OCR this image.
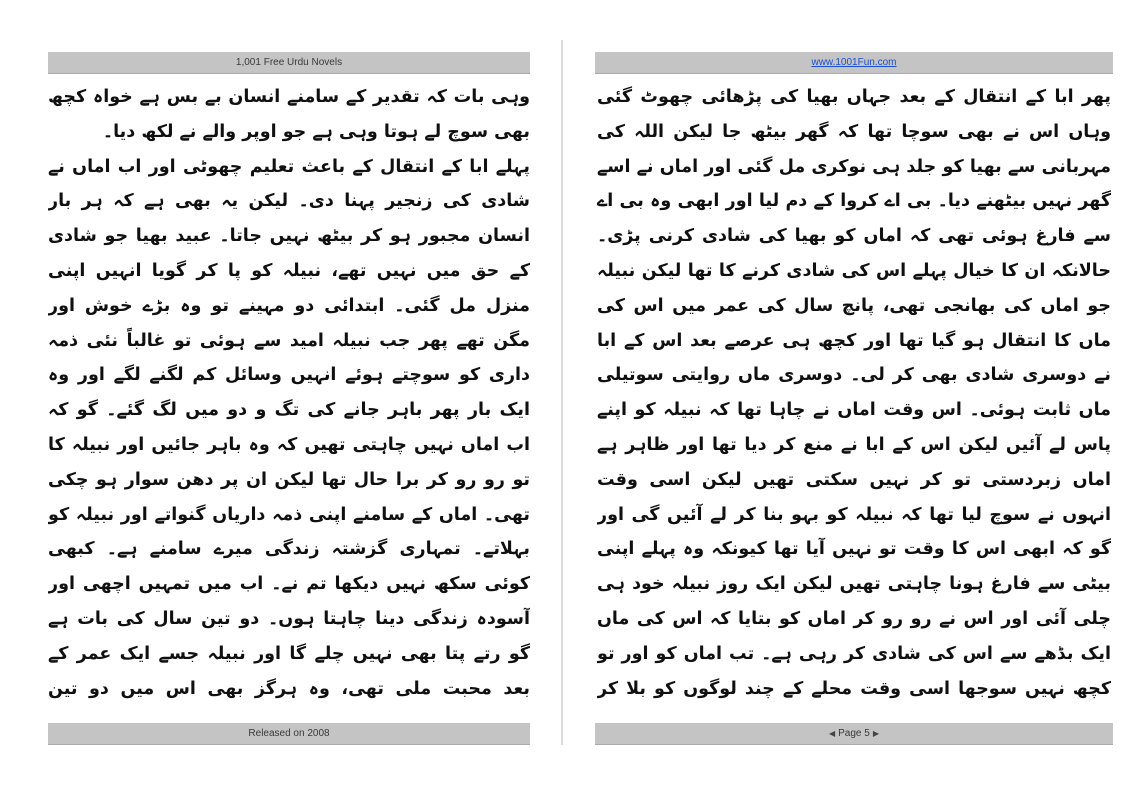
1,001 Free Urdu Novels

وہی بات کہ تقدیر کے سامنے انسان بے بس ہے خواہ کچھ بھی سوچ لے ہوتا وہی ہے جو اوپر والے نے لکھ دیا۔

پہلے ابا کے انتقال کے باعث تعلیم چھوٹی اور اب اماں نے شادی کی زنجیر پہنا دی۔ لیکن یہ بھی ہے کہ ہر بار انسان مجبور ہو کر بیٹھ نہیں جاتا۔ عبید بھیا جو شادی کے حق میں نہیں تھے، نبیلہ کو پا کر گویا انہیں اپنی منزل مل گئی۔ ابتدائی دو مہینے تو وہ بڑے خوش اور مگن تھے پھر جب نبیلہ امید سے ہوئی تو غالباً نئی ذمہ داری کو سوچتے ہوئے انہیں وسائل کم لگنے لگے اور وہ ایک بار پھر باہر جانے کی تگ و دو میں لگ گئے۔ گو کہ اب اماں نہیں چاہتی تھیں کہ وہ باہر جائیں اور نبیلہ کا تو رو رو کر برا حال تھا لیکن ان پر دھن سوار ہو چکی تھی۔ اماں کے سامنے اپنی ذمہ داریاں گنواتے اور نبیلہ کو بہلاتے۔ تمہاری گزشتہ زندگی میرے سامنے ہے۔ کبھی کوئی سکھ نہیں دیکھا تم نے۔ اب میں تمہیں اچھی اور آسودہ زندگی دینا چاہتا ہوں۔ دو تین سال کی بات ہے گو رتے پتا بھی نہیں چلے گا اور نبیلہ جسے ایک عمر کے بعد محبت ملی تھی، وہ ہرگز بھی اس میں دو تین

Released on 2008
www.1001Fun.com

پھر ابا کے انتقال کے بعد جہاں بھیا کی پڑھائی چھوٹ گئی وہاں اس نے بھی سوچا تھا کہ گھر بیٹھ جا لیکن اللہ کی مہربانی سے بھیا کو جلد ہی نوکری مل گئی اور اماں نے اسے گھر نہیں بیٹھنے دیا۔ بی اے کروا کے دم لیا اور ابھی وہ بی اے سے فارغ ہوئی تھی کہ اماں کو بھیا کی شادی کرنی پڑی۔ حالانکہ ان کا خیال پہلے اس کی شادی کرنے کا تھا لیکن نبیلہ جو اماں کی بھانجی تھی، پانچ سال کی عمر میں اس کی ماں کا انتقال ہو گیا تھا اور کچھ ہی عرصے بعد اس کے ابا نے دوسری شادی بھی کر لی۔ دوسری ماں روایتی سوتیلی ماں ثابت ہوئی۔ اس وقت اماں نے چاہا تھا کہ نبیلہ کو اپنے پاس لے آئیں لیکن اس کے ابا نے منع کر دیا تھا اور ظاہر ہے اماں زبردستی تو کر نہیں سکتی تھیں لیکن اسی وقت انہوں نے سوچ لیا تھا کہ نبیلہ کو بہو بنا کر لے آئیں گی اور گو کہ ابھی اس کا وقت تو نہیں آیا تھا کیونکہ وہ پہلے اپنی بیٹی سے فارغ ہونا چاہتی تھیں لیکن ایک روز نبیلہ خود ہی چلی آئی اور اس نے رو رو کر اماں کو بتایا کہ اس کی ماں ایک بڈھے سے اس کی شادی کر رہی ہے۔ تب اماں کو اور تو کچھ نہیں سوجھا اسی وقت محلے کے چند لوگوں کو بلا کر

◀ Page 5 ▶
